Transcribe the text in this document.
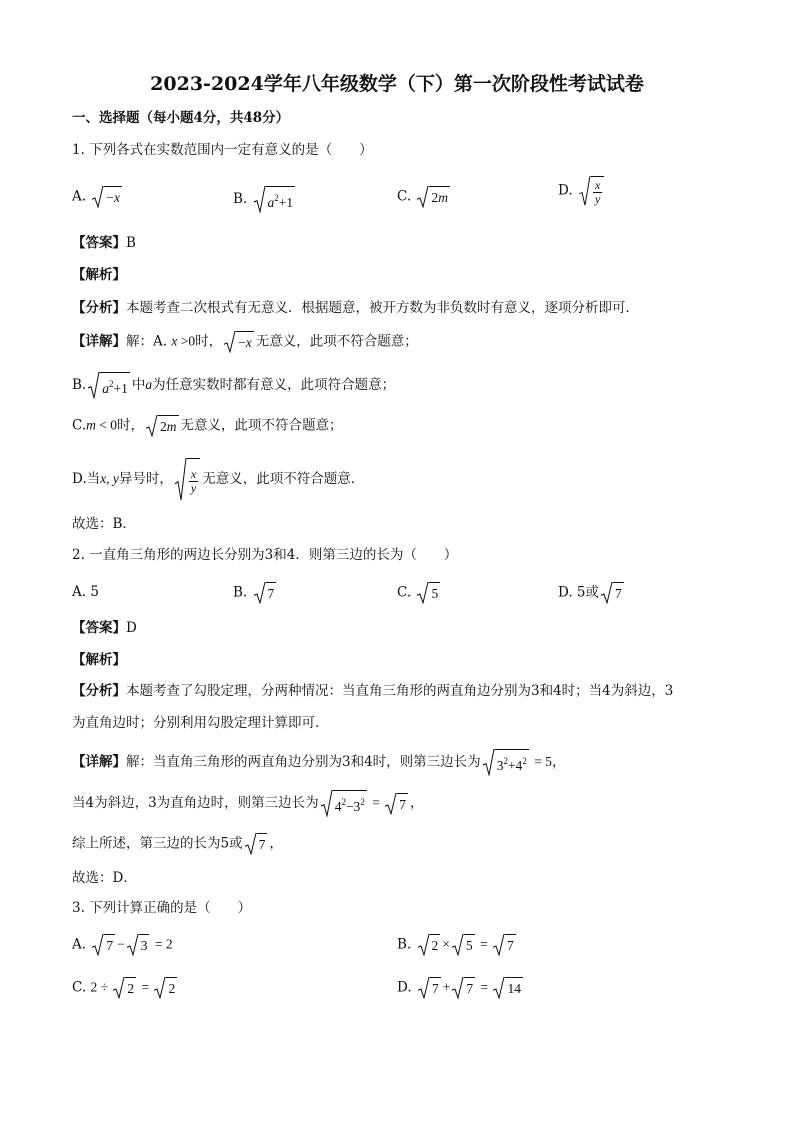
2023-2024学年八年级数学（下）第一次阶段性考试试卷
一、选择题（每小题4分，共48分）
1. 下列各式在实数范围内一定有意义的是（　　）
A. −x	B. $a^2+1$	C. 2m	D. $\frac{x}{y}$
【答案】B
【解析】
【分析】本题考查二次根式有无意义．根据题意，被开方数为非负数时有意义，逐项分析即可．
【详解】解：A. x >0时， −x 无意义，此项不符合题意；
B. $a^2+1$ 中a为任意实数时都有意义，此项符合题意；
C.m < 0时， 2m 无意义，此项不符合题意；
D.当x, y异号时， $\frac{x}{y}$ 无意义，此项不符合题意．
故选：B．
2. 一直角三角形的两边长分别为3和4．则第三边的长为（　　）
A. 5	B. 7	C. 5	D. 5或 7
【答案】D
【解析】
【分析】本题考查了勾股定理，分两种情况：当直角三角形的两直角边分别为3和4时；当4为斜边，3
为直角边时；分别利用勾股定理计算即可．
【详解】解：当直角三角形的两直角边分别为3和4时，则第三边长为 $3^2+4^2 = 5$，
当4为斜边，3为直角边时，则第三边长为 $4^2-3^2$ =
7 ，
综上所述，第三边的长为5或 7 ，
故选：D．
3. 下列计算正确的是（　　）
A. 7 − 3 = 2	B. 2 × 5 =
7
C. 2 ÷
2 =
2	D. 7 + 7 =
14
